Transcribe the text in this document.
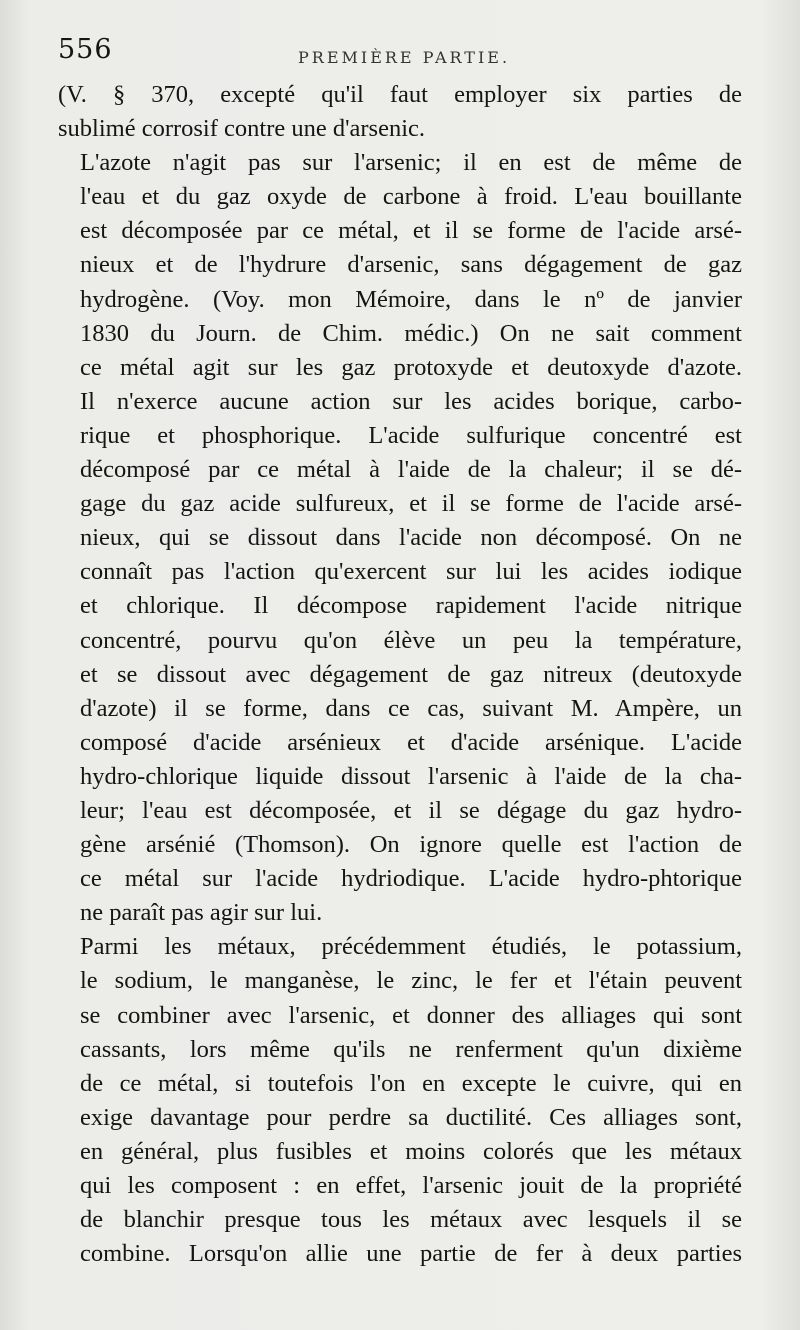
556	PREMIÈRE PARTIE.

(V. § 370, excepté qu'il faut employer six parties de
sublimé corrosif contre une d'arsenic.

L'azote n'agit pas sur l'arsenic; il en est de même de
l'eau et du gaz oxyde de carbone à froid. L'eau bouillante
est décomposée par ce métal, et il se forme de l'acide arsé-
nieux et de l'hydrure d'arsenic, sans dégagement de gaz
hydrogène. (Voy. mon Mémoire, dans le nº de janvier
1830 du Journ. de Chim. médic.) On ne sait comment
ce métal agit sur les gaz protoxyde et deutoxyde d'azote.

Il n'exerce aucune action sur les acides borique, carbo-
rique et phosphorique. L'acide sulfurique concentré est
décomposé par ce métal à l'aide de la chaleur; il se dé-
gage du gaz acide sulfureux, et il se forme de l'acide arsé-
nieux, qui se dissout dans l'acide non décomposé. On ne
connaît pas l'action qu'exercent sur lui les acides iodique
et chlorique. Il décompose rapidement l'acide nitrique
concentré, pourvu qu'on élève un peu la température,
et se dissout avec dégagement de gaz nitreux (deutoxyde
d'azote) il se forme, dans ce cas, suivant M. Ampère, un
composé d'acide arsénieux et d'acide arsénique. L'acide
hydro-chlorique liquide dissout l'arsenic à l'aide de la cha-
leur; l'eau est décomposée, et il se dégage du gaz hydro-
gène arsénié (Thomson). On ignore quelle est l'action de
ce métal sur l'acide hydriodique. L'acide hydro-phtorique
ne paraît pas agir sur lui.

Parmi les métaux, précédemment étudiés, le potassium,
le sodium, le manganèse, le zinc, le fer et l'étain peuvent
se combiner avec l'arsenic, et donner des alliages qui sont
cassants, lors même qu'ils ne renferment qu'un dixième
de ce métal, si toutefois l'on en excepte le cuivre, qui en
exige davantage pour perdre sa ductilité. Ces alliages sont,
en général, plus fusibles et moins colorés que les métaux
qui les composent : en effet, l'arsenic jouit de la propriété
de blanchir presque tous les métaux avec lesquels il se
combine. Lorsqu'on allie une partie de fer à deux parties
